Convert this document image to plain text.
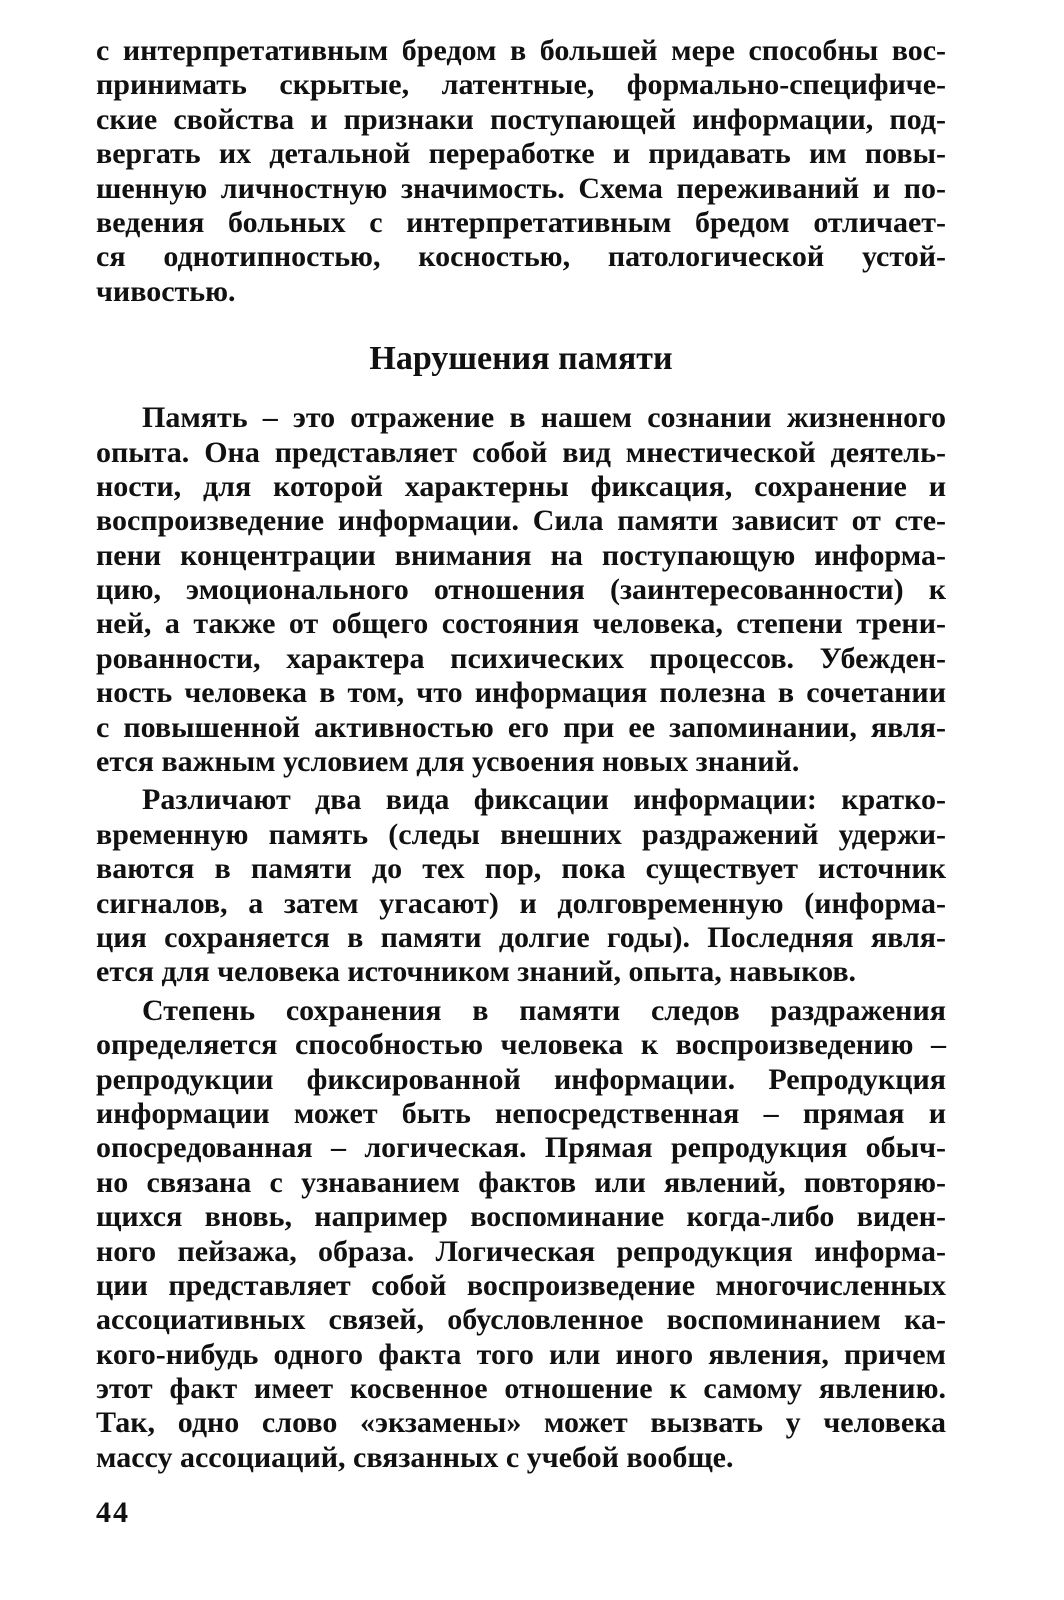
с интерпретативным бредом в большей мере способны вос-
принимать скрытые, латентные, формально-специфиче-
ские свойства и признаки поступающей информации, под-
вергать их детальной переработке и придавать им повы-
шенную личностную значимость. Схема переживаний и по-
ведения больных с интерпретативным бредом отличает-
ся однотипностью, косностью, патологической устой-
чивостью.
Нарушения памяти
Память – это отражение в нашем сознании жизненного
опыта. Она представляет собой вид мнестической деятель-
ности, для которой характерны фиксация, сохранение и
воспроизведение информации. Сила памяти зависит от сте-
пени концентрации внимания на поступающую информа-
цию, эмоционального отношения (заинтересованности) к
ней, а также от общего состояния человека, степени трени-
рованности, характера психических процессов. Убежден-
ность человека в том, что информация полезна в сочетании
с повышенной активностью его при ее запоминании, явля-
ется важным условием для усвоения новых знаний.
Различают два вида фиксации информации: кратко-
временную память (следы внешних раздражений удержи-
ваются в памяти до тех пор, пока существует источник
сигналов, а затем угасают) и долговременную (информа-
ция сохраняется в памяти долгие годы). Последняя явля-
ется для человека источником знаний, опыта, навыков.
Степень сохранения в памяти следов раздражения
определяется способностью человека к воспроизведению –
репродукции фиксированной информации. Репродукция
информации может быть непосредственная – прямая и
опосредованная – логическая. Прямая репродукция обыч-
но связана с узнаванием фактов или явлений, повторяю-
щихся вновь, например воспоминание когда-либо виден-
ного пейзажа, образа. Логическая репродукция информа-
ции представляет собой воспроизведение многочисленных
ассоциативных связей, обусловленное воспоминанием ка-
кого-нибудь одного факта того или иного явления, причем
этот факт имеет косвенное отношение к самому явлению.
Так, одно слово «экзамены» может вызвать у человека
массу ассоциаций, связанных с учебой вообще.
44
